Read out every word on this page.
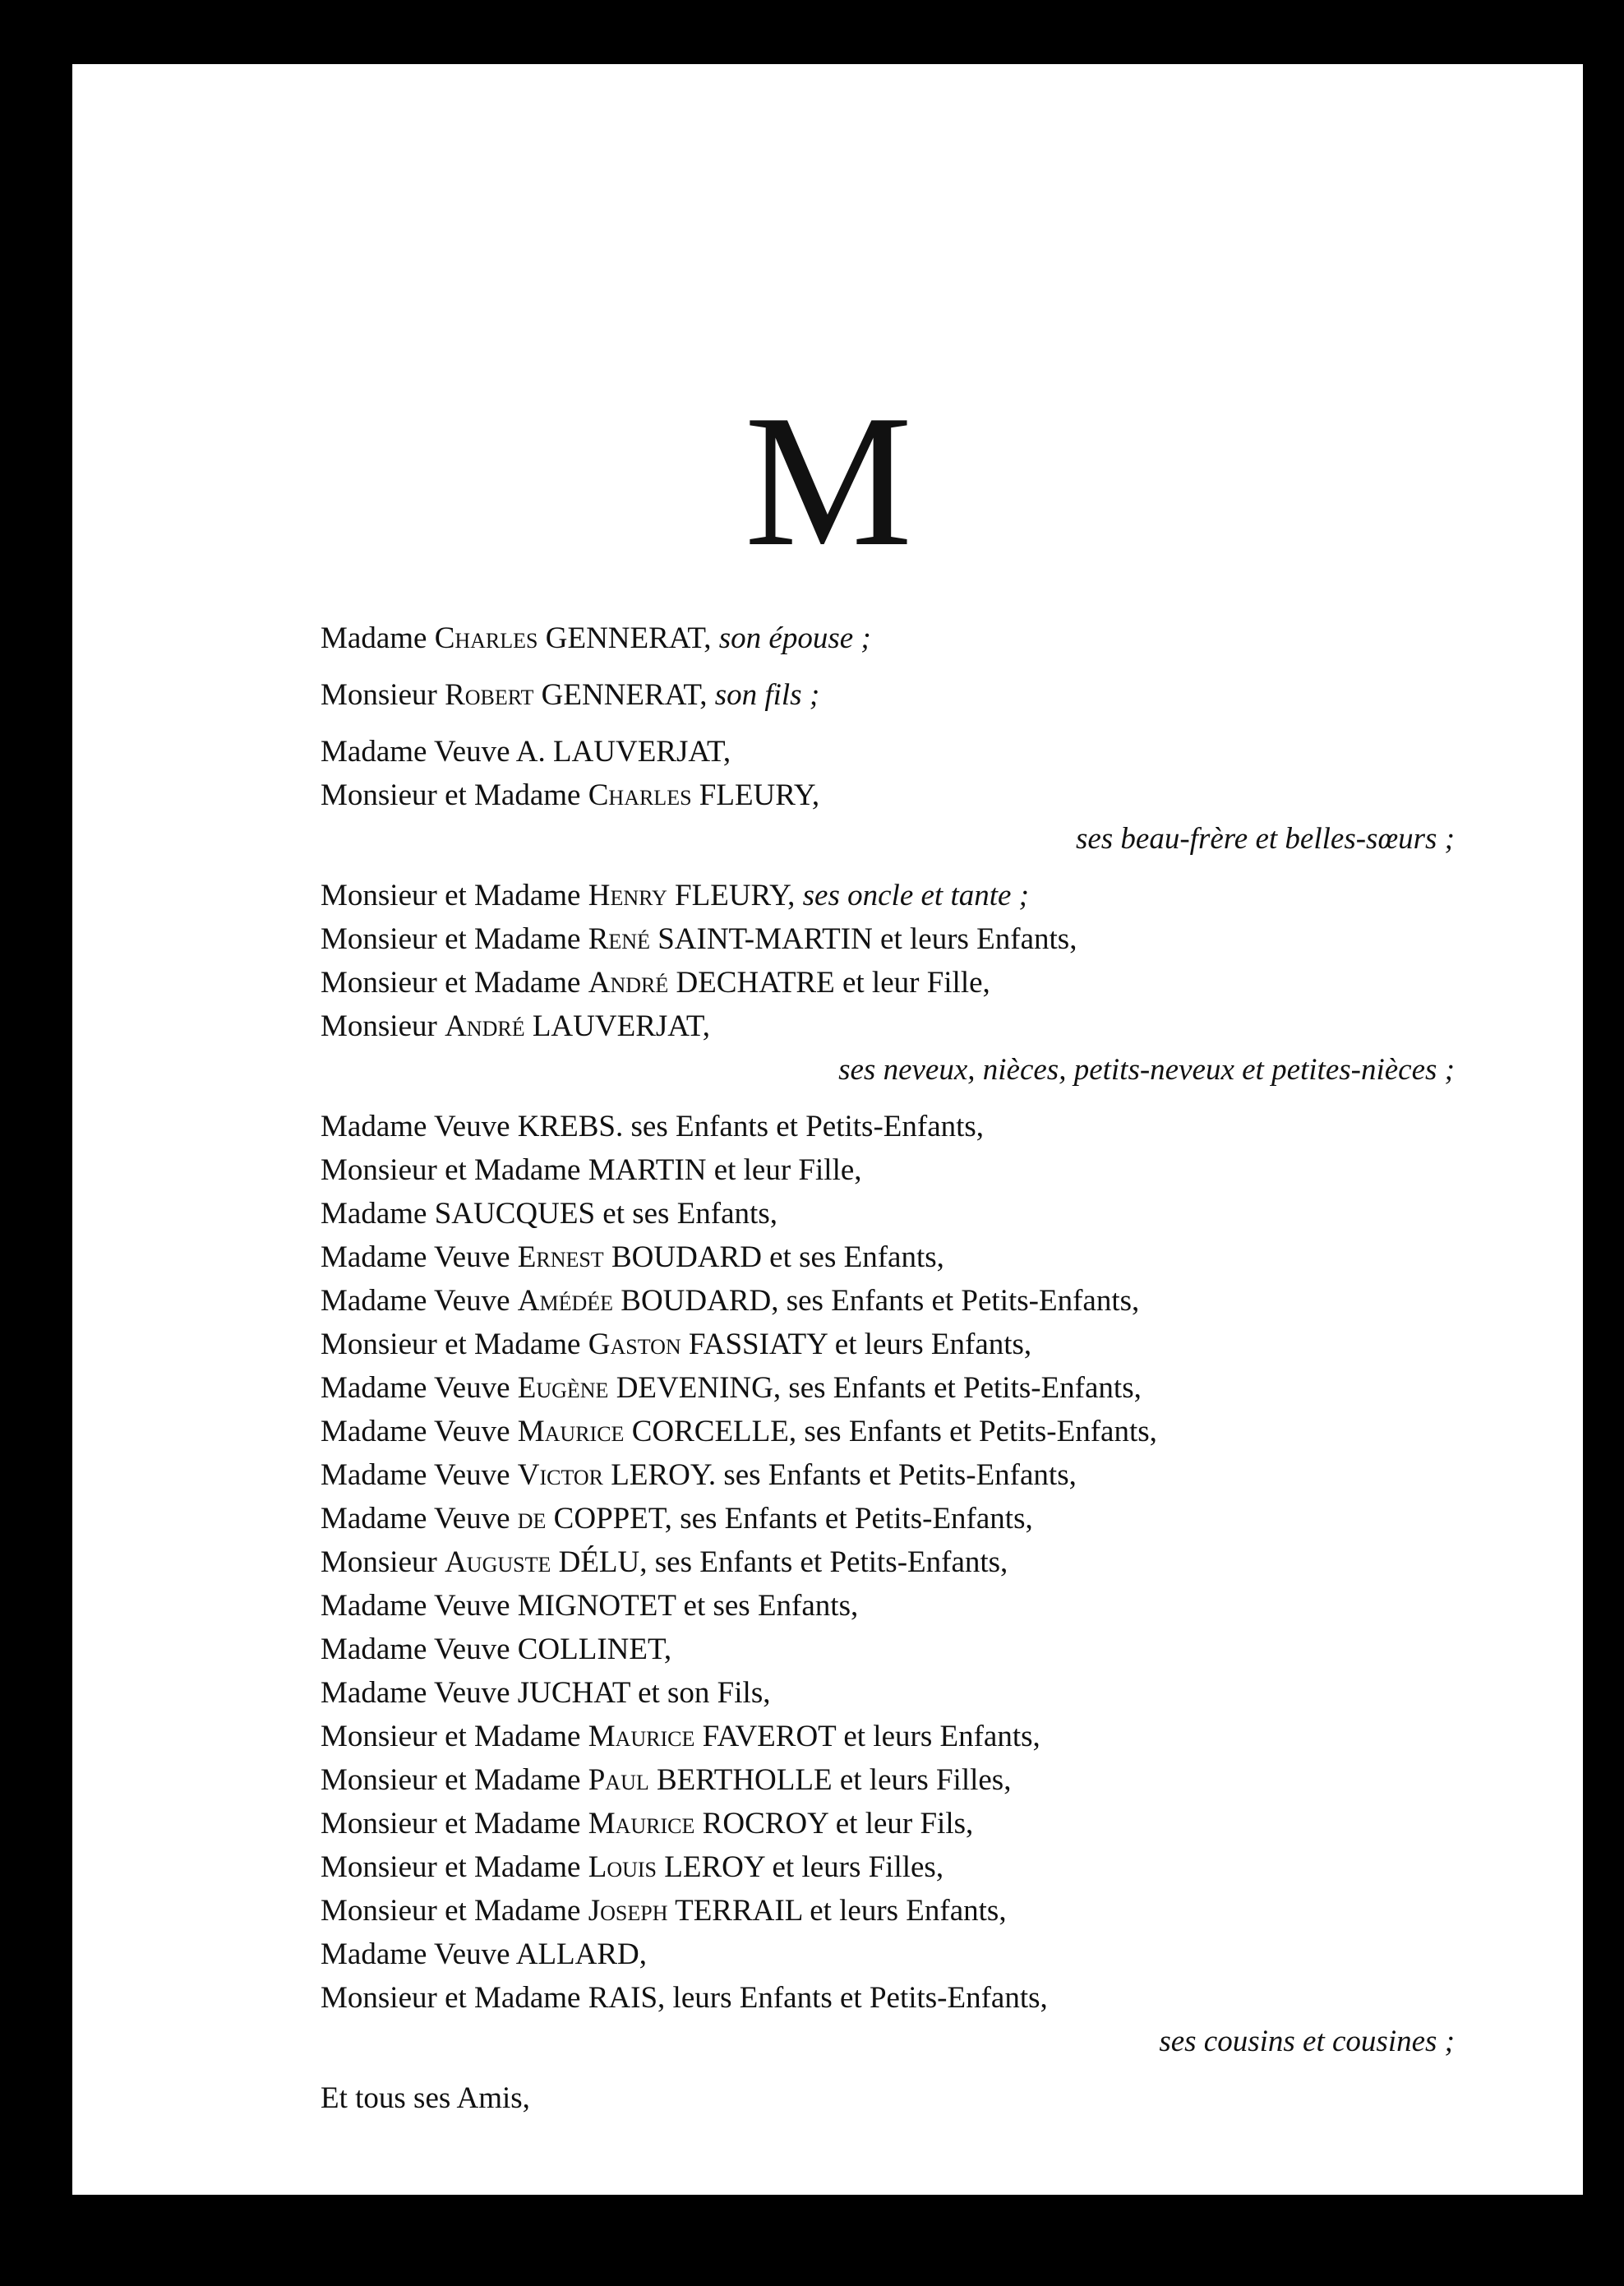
M
Madame Charles GENNERAT, son épouse ;
Monsieur Robert GENNERAT, son fils ;
Madame Veuve A. LAUVERJAT,
Monsieur et Madame Charles FLEURY,
ses beau-frère et belles-sœurs ;
Monsieur et Madame Henry FLEURY, ses oncle et tante ;
Monsieur et Madame René SAINT-MARTIN et leurs Enfants,
Monsieur et Madame André DECHATRE et leur Fille,
Monsieur André LAUVERJAT,
ses neveux, nièces, petits-neveux et petites-nièces ;
Madame Veuve KREBS. ses Enfants et Petits-Enfants,
Monsieur et Madame MARTIN et leur Fille,
Madame SAUCQUES et ses Enfants,
Madame Veuve Ernest BOUDARD et ses Enfants,
Madame Veuve Amédée BOUDARD, ses Enfants et Petits-Enfants,
Monsieur et Madame Gaston FASSIATY et leurs Enfants,
Madame Veuve Eugène DEVENING, ses Enfants et Petits-Enfants,
Madame Veuve Maurice CORCELLE, ses Enfants et Petits-Enfants,
Madame Veuve Victor LEROY. ses Enfants et Petits-Enfants,
Madame Veuve de COPPET, ses Enfants et Petits-Enfants,
Monsieur Auguste DÉLU, ses Enfants et Petits-Enfants,
Madame Veuve MIGNOTET et ses Enfants,
Madame Veuve COLLINET,
Madame Veuve JUCHAT et son Fils,
Monsieur et Madame Maurice FAVEROT et leurs Enfants,
Monsieur et Madame Paul BERTHOLLE et leurs Filles,
Monsieur et Madame Maurice ROCROY et leur Fils,
Monsieur et Madame Louis LEROY et leurs Filles,
Monsieur et Madame Joseph TERRAIL et leurs Enfants,
Madame Veuve ALLARD,
Monsieur et Madame RAIS, leurs Enfants et Petits-Enfants,
ses cousins et cousines ;
Et tous ses Amis,
